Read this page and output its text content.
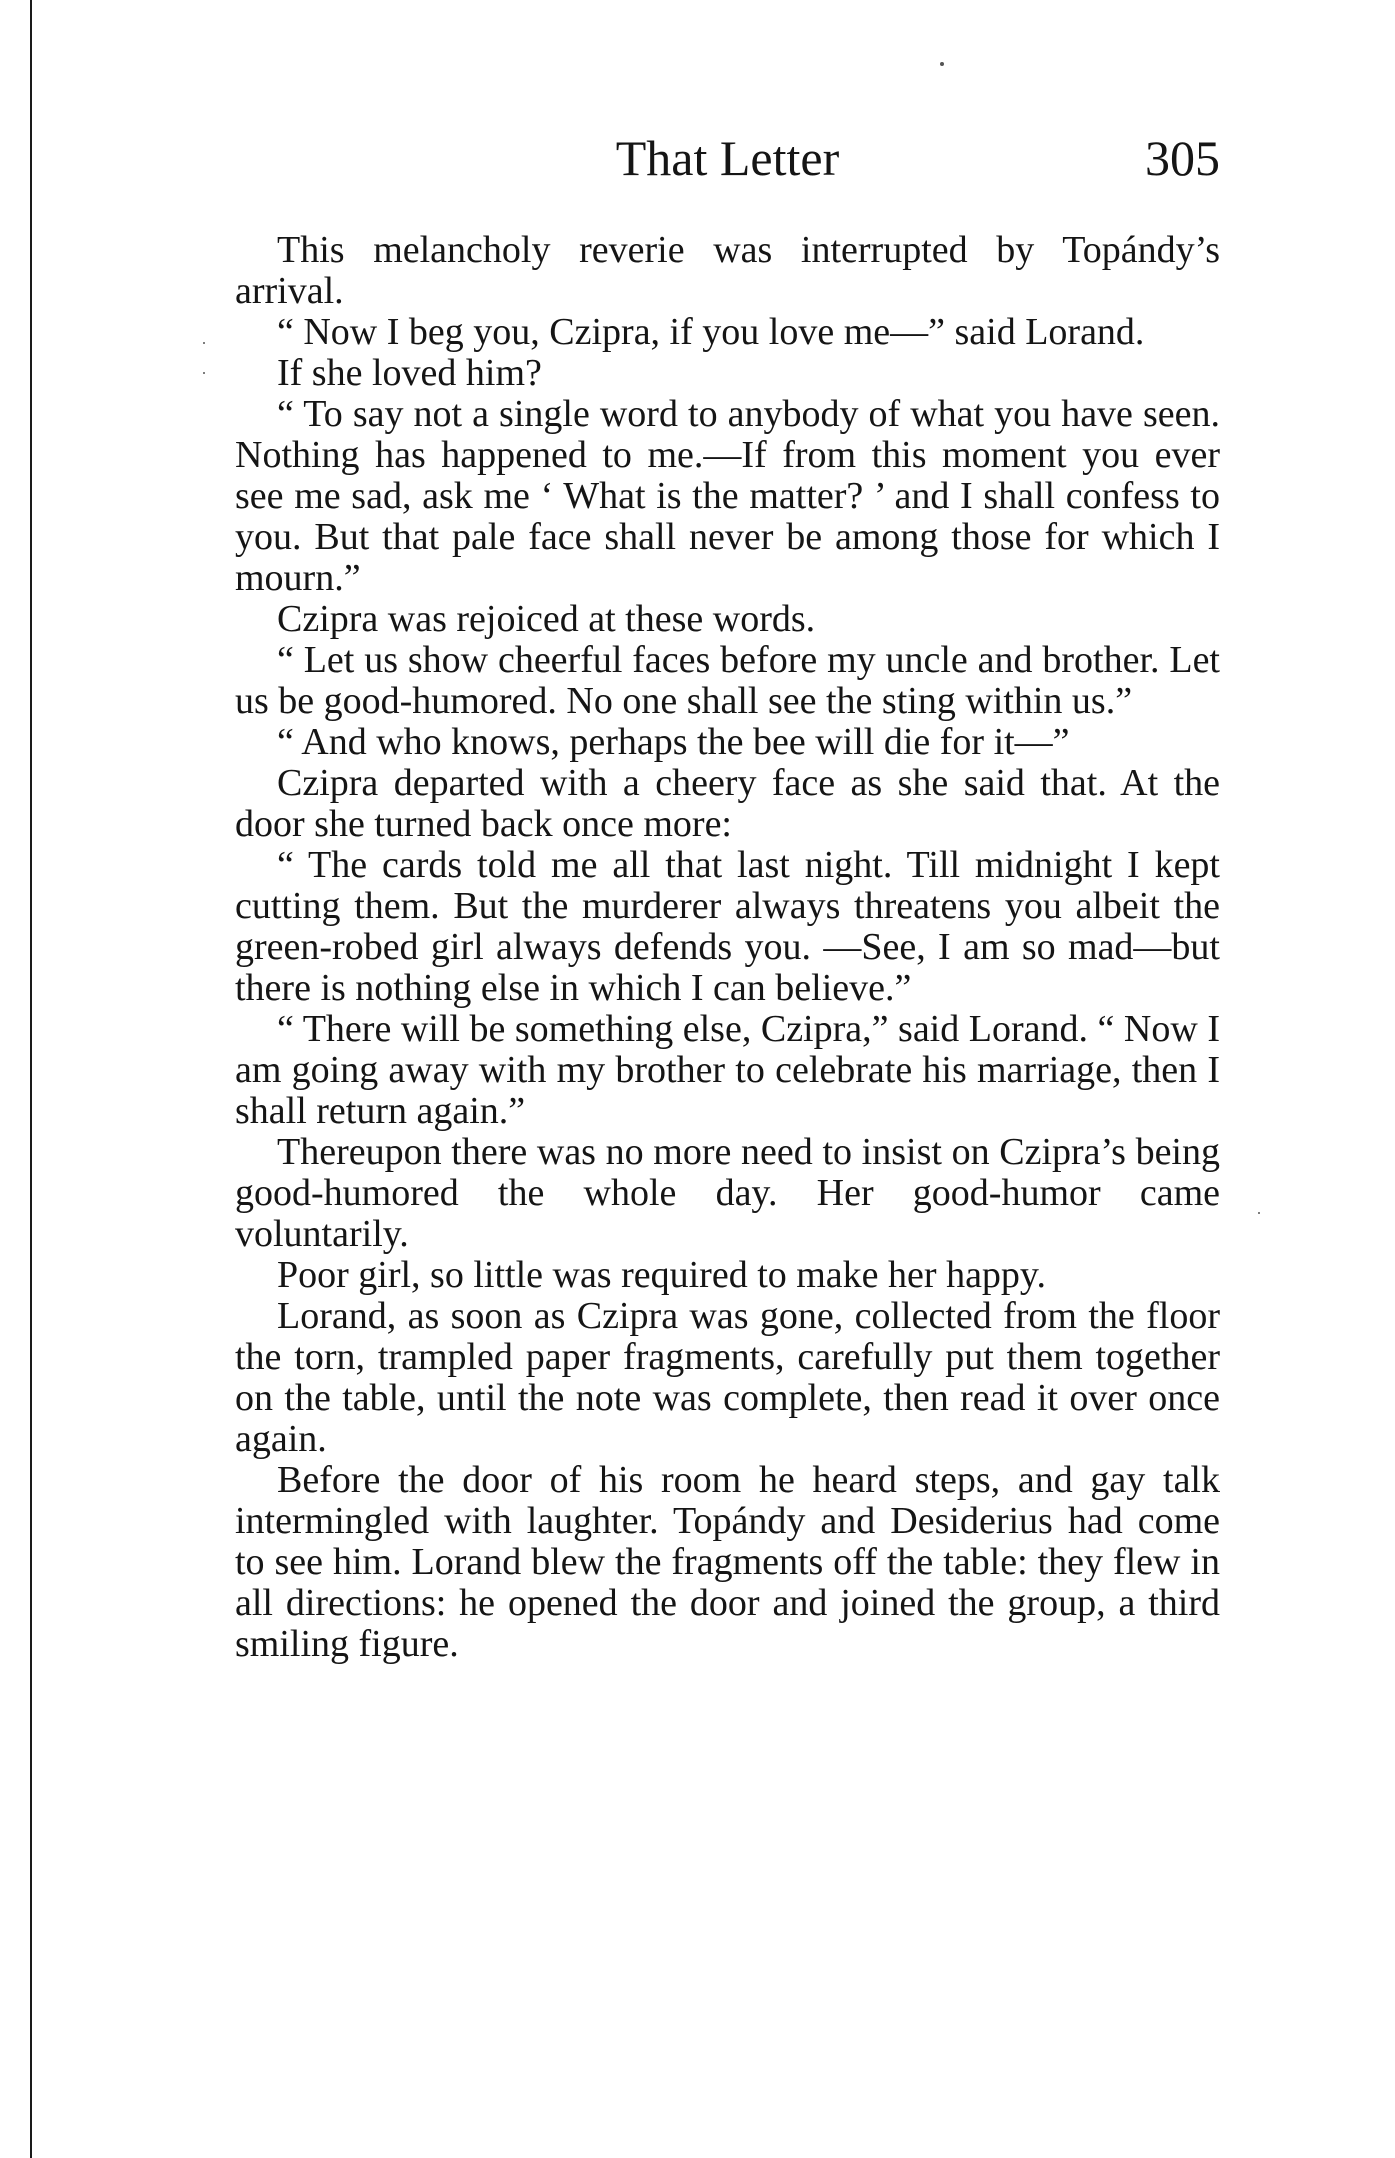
That Letter	305

This melancholy reverie was interrupted by Topándy’s arrival.

“ Now I beg you, Czipra, if you love me—” said Lorand.

If she loved him?

“ To say not a single word to anybody of what you have seen. Nothing has happened to me.—If from this moment you ever see me sad, ask me ‘ What is the matter? ’ and I shall confess to you. But that pale face shall never be among those for which I mourn.”

Czipra was rejoiced at these words.

“ Let us show cheerful faces before my uncle and brother. Let us be good-humored. No one shall see the sting within us.”

“ And who knows, perhaps the bee will die for it—”

Czipra departed with a cheery face as she said that. At the door she turned back once more:

“ The cards told me all that last night. Till midnight I kept cutting them. But the murderer always threatens you albeit the green-robed girl always defends you. —See, I am so mad—but there is nothing else in which I can believe.”

“ There will be something else, Czipra,” said Lorand. “ Now I am going away with my brother to celebrate his marriage, then I shall return again.”

Thereupon there was no more need to insist on Czipra’s being good-humored the whole day. Her good-humor came voluntarily.

Poor girl, so little was required to make her happy.

Lorand, as soon as Czipra was gone, collected from the floor the torn, trampled paper fragments, carefully put them together on the table, until the note was complete, then read it over once again.

Before the door of his room he heard steps, and gay talk intermingled with laughter. Topándy and Desiderius had come to see him. Lorand blew the fragments off the table: they flew in all directions: he opened the door and joined the group, a third smiling figure.
